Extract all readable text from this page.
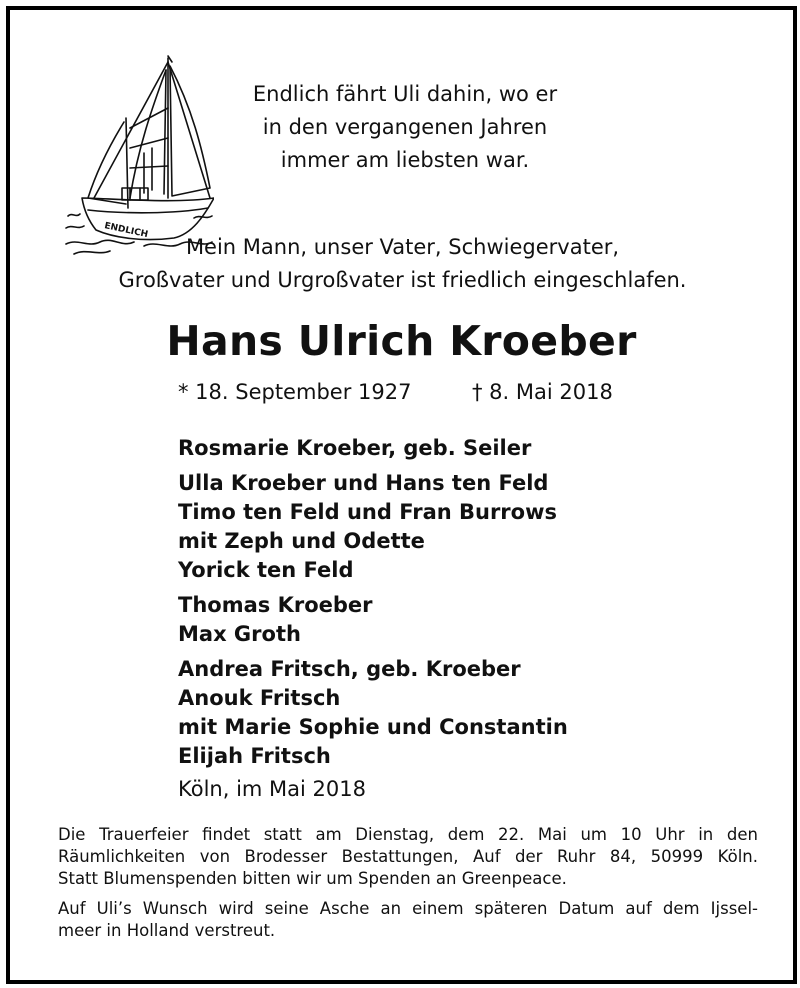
ENDLICH
Endlich fährt Uli dahin, wo er
in den vergangenen Jahren
immer am liebsten war.
Mein Mann, unser Vater, Schwiegervater,
Großvater und Urgroßvater ist friedlich eingeschlafen.
Hans Ulrich Kroeber
* 18. September 1927	† 8. Mai 2018
Rosmarie Kroeber, geb. Seiler
Ulla Kroeber und Hans ten Feld
Timo ten Feld und Fran Burrows
mit Zeph und Odette
Yorick ten Feld
Thomas Kroeber
Max Groth
Andrea Fritsch, geb. Kroeber
Anouk Fritsch
mit Marie Sophie und Constantin
Elijah Fritsch
Köln, im Mai 2018
Die Trauerfeier findet statt am Dienstag, dem 22. Mai um 10 Uhr in den
Räumlichkeiten von Brodesser Bestattungen, Auf der Ruhr 84, 50999 Köln.
Statt Blumenspenden bitten wir um Spenden an Greenpeace.
Auf Uli’s Wunsch wird seine Asche an einem späteren Datum auf dem Ijssel-
meer in Holland verstreut.
